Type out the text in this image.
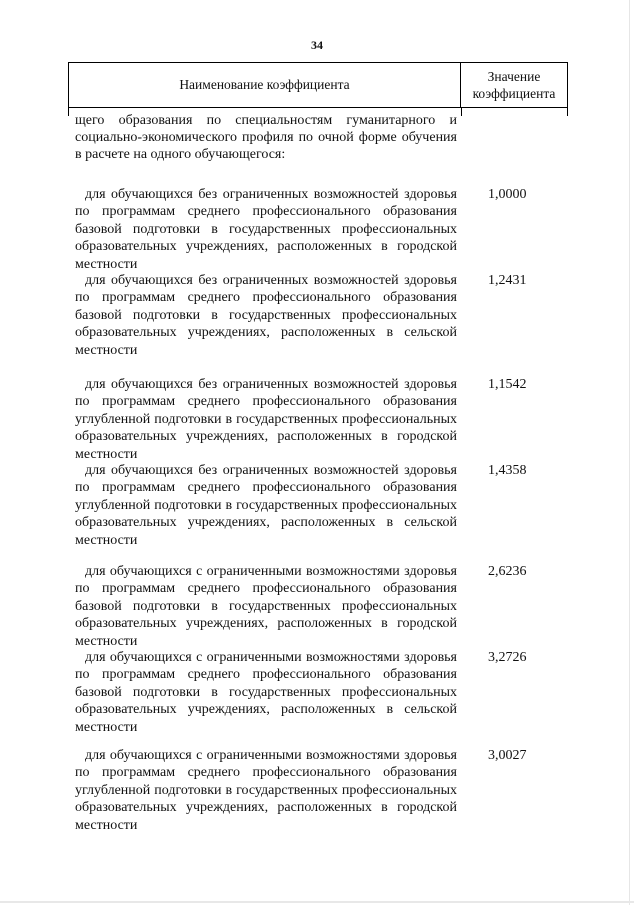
34
Наименование коэффициента
Значение
коэффициента
щего образования по специальностям гуманитарного и социально-экономического профиля по очной форме обучения в расчете на одного обучающегося:
для обучающихся без ограниченных возможностей здоровья по программам среднего профессионального образования базовой подготовки в государственных профессиональных образовательных учреждениях, расположенных в городской местности
1,0000
для обучающихся без ограниченных возможностей здоровья по программам среднего профессионального образования базовой подготовки в государственных профессиональных образовательных учреждениях, расположенных в сельской местности
1,2431
для обучающихся без ограниченных возможностей здоровья по программам среднего профессионального образования углубленной подготовки в государственных профессиональных образовательных учреждениях, расположенных в городской местности
1,1542
для обучающихся без ограниченных возможностей здоровья по программам среднего профессионального образования углубленной подготовки в государственных профессиональных образовательных учреждениях, расположенных в сельской местности
1,4358
для обучающихся с ограниченными возможностями здоровья по программам среднего профессионального образования базовой подготовки в государственных профессиональных образовательных учреждениях, расположенных в городской местности
2,6236
для обучающихся с ограниченными возможностями здоровья по программам среднего профессионального образования базовой подготовки в государственных профессиональных образовательных учреждениях, расположенных в сельской местности
3,2726
для обучающихся с ограниченными возможностями здоровья по программам среднего профессионального образования углубленной подготовки в государственных профессиональных образовательных учреждениях, расположенных в городской местности
3,0027
